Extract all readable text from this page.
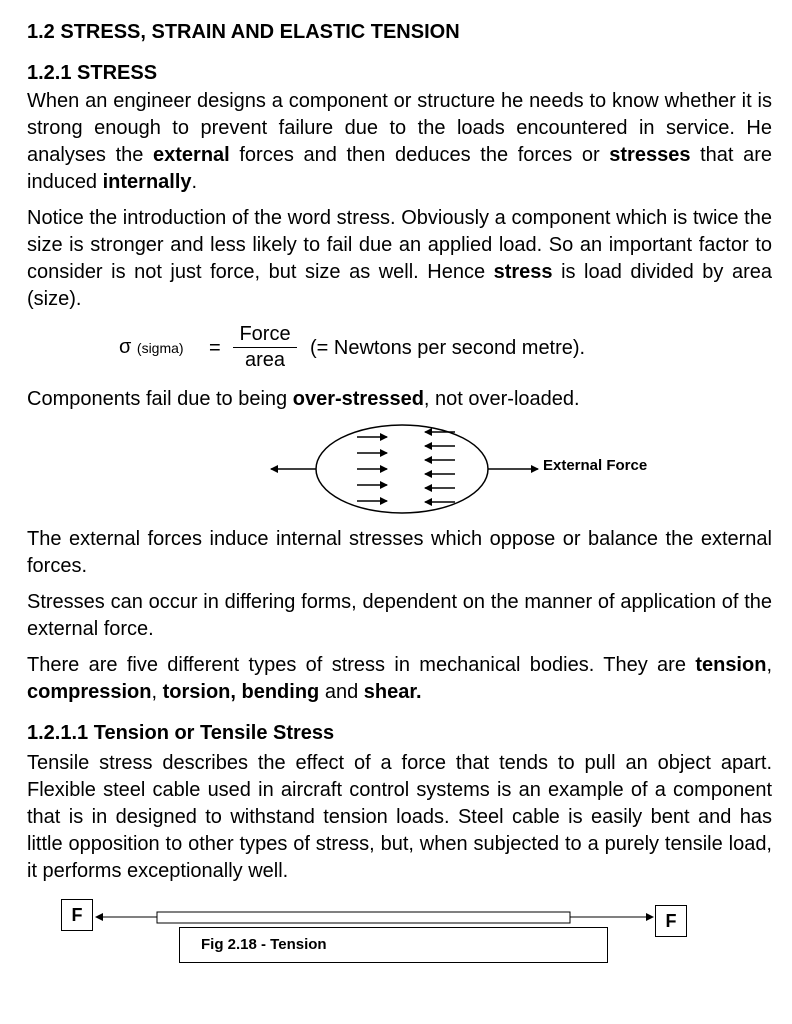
1.2 STRESS, STRAIN AND ELASTIC TENSION
1.2.1 STRESS

When an engineer designs a component or structure he needs to know whether it is strong enough to prevent failure due to the loads encountered in service. He analyses the external forces and then deduces the forces or stresses that are induced internally.

Notice the introduction of the word stress. Obviously a component which is twice the size is stronger and less likely to fail due an applied load. So an important factor to consider is not just force, but size as well. Hence stress is load divided by area (size).

σ (sigma) =
Force
area
(= Newtons per second metre).

Components fail due to being over-stressed, not over-loaded.

External Force

The external forces induce internal stresses which oppose or balance the external forces.

Stresses can occur in differing forms, dependent on the manner of application of the external force.

There are five different types of stress in mechanical bodies. They are tension, compression, torsion, bending and shear.

1.2.1.1 Tension or Tensile Stress

Tensile stress describes the effect of a force that tends to pull an object apart. Flexible steel cable used in aircraft control systems is an example of a component that is in designed to withstand tension loads. Steel cable is easily bent and has little opposition to other types of stress, but, when subjected to a purely tensile load, it performs exceptionally well.

F	F
Fig 2.18 - Tension
